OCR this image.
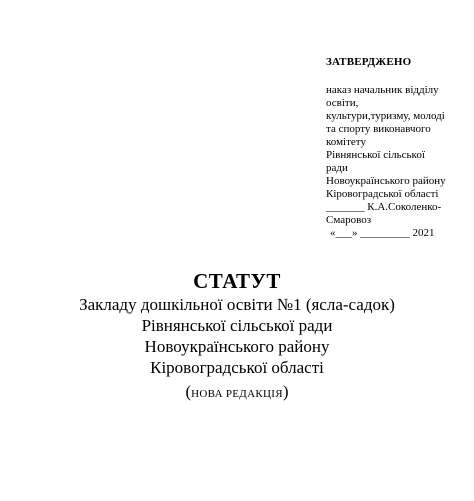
ЗАТВЕРДЖЕНО
наказ начальник відділу
освіти,
культури,туризму, молоді
та спорту виконавчого
комітету
Рівнянської сільської
ради
Новоукраїнського району
Кіровоградської області
_______ К.А.Соколенко-
Смаровоз
«___» _________ 2021
СТАТУТ
Закладу дошкільної освіти №1 (ясла-садок)
Рівнянської сільської ради
Новоукраїнського району
Кіровоградської області
(НОВА РЕДАКЦІЯ)
